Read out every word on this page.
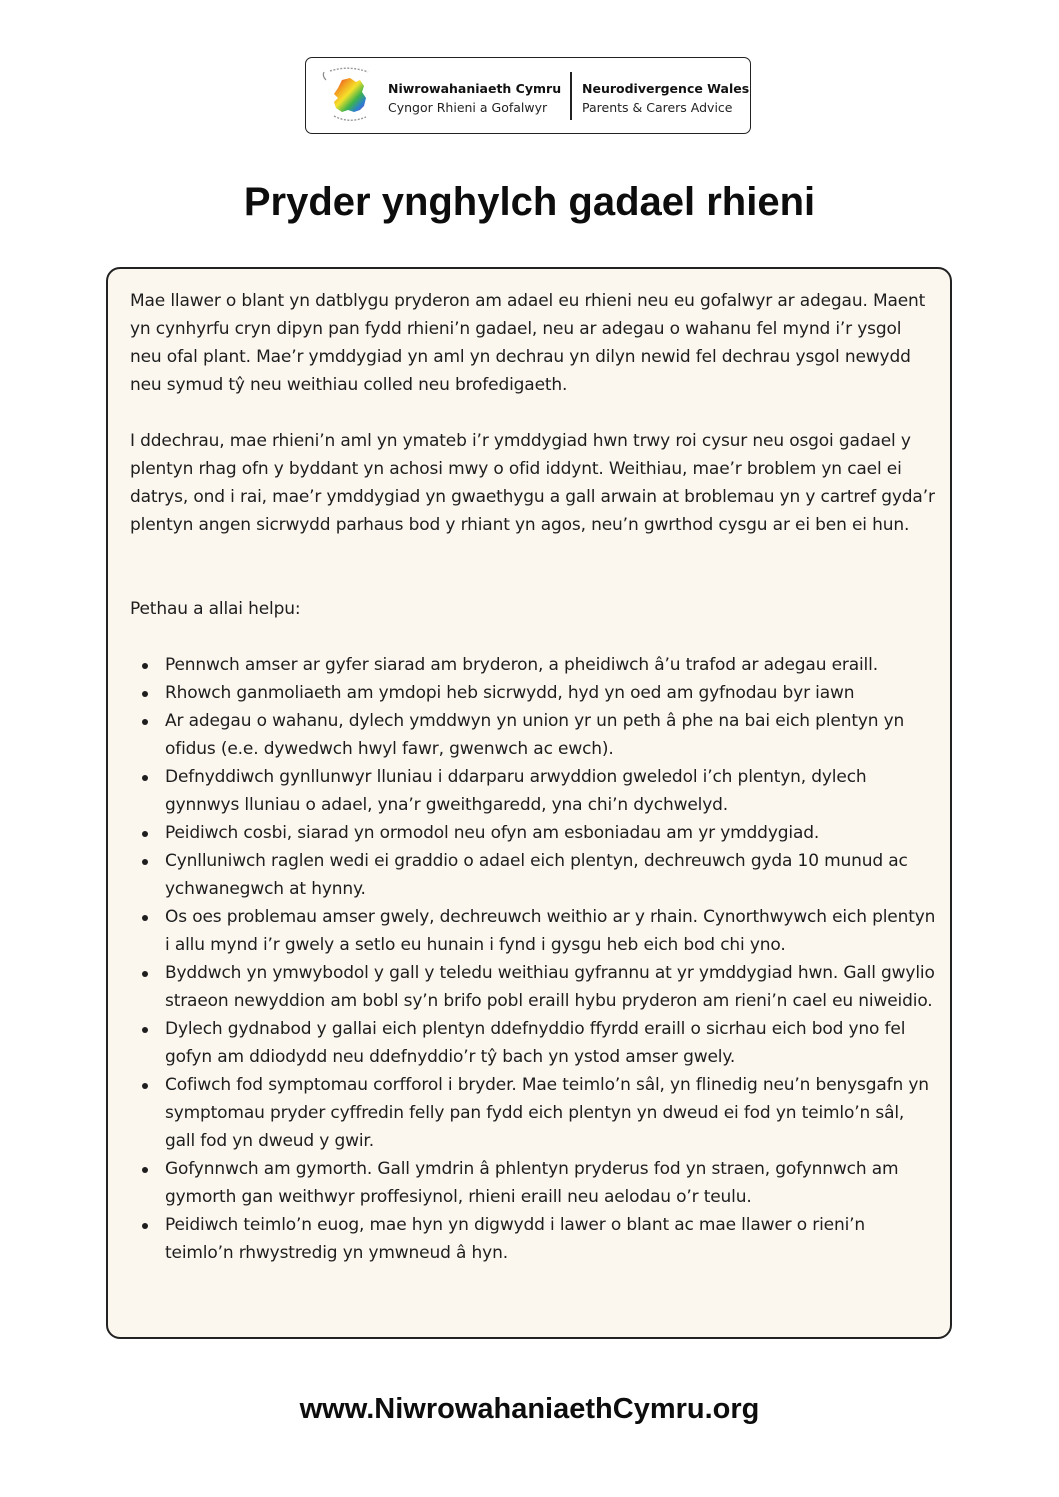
Niwrowahaniaeth Cymru
Cyngor Rhieni a Gofalwyr
Neurodivergence Wales
Parents & Carers Advice
Pryder ynghylch gadael rhieni

Mae llawer o blant yn datblygu pryderon am adael eu rhieni neu eu gofalwyr ar adegau. Maent yn cynhyrfu cryn dipyn pan fydd rhieni’n gadael, neu ar adegau o wahanu fel mynd i’r ysgol neu ofal plant. Mae’r ymddygiad yn aml yn dechrau yn dilyn newid fel dechrau ysgol newydd neu symud tŷ neu weithiau colled neu brofedigaeth.

I ddechrau, mae rhieni’n aml yn ymateb i’r ymddygiad hwn trwy roi cysur neu osgoi gadael y plentyn rhag ofn y byddant yn achosi mwy o ofid iddynt. Weithiau, mae’r broblem yn cael ei datrys, ond i rai, mae’r ymddygiad yn gwaethygu a gall arwain at broblemau yn y cartref gyda’r plentyn angen sicrwydd parhaus bod y rhiant yn agos, neu’n gwrthod cysgu ar ei ben ei hun.

Pethau a allai helpu:

Pennwch amser ar gyfer siarad am bryderon, a pheidiwch â’u trafod ar adegau eraill.
Rhowch ganmoliaeth am ymdopi heb sicrwydd, hyd yn oed am gyfnodau byr iawn
Ar adegau o wahanu, dylech ymddwyn yn union yr un peth â phe na bai eich plentyn yn ofidus (e.e. dywedwch hwyl fawr, gwenwch ac ewch).
Defnyddiwch gynllunwyr lluniau i ddarparu arwyddion gweledol i’ch plentyn, dylech gynnwys lluniau o adael, yna’r gweithgaredd, yna chi’n dychwelyd.
Peidiwch cosbi, siarad yn ormodol neu ofyn am esboniadau am yr ymddygiad.
Cynlluniwch raglen wedi ei graddio o adael eich plentyn, dechreuwch gyda 10 munud ac ychwanegwch at hynny.
Os oes problemau amser gwely, dechreuwch weithio ar y rhain. Cynorthwywch eich plentyn i allu mynd i’r gwely a setlo eu hunain i fynd i gysgu heb eich bod chi yno.
Byddwch yn ymwybodol y gall y teledu weithiau gyfrannu at yr ymddygiad hwn. Gall gwylio straeon newyddion am bobl sy’n brifo pobl eraill hybu pryderon am rieni’n cael eu niweidio.
Dylech gydnabod y gallai eich plentyn ddefnyddio ffyrdd eraill o sicrhau eich bod yno fel gofyn am ddiodydd neu ddefnyddio’r tŷ bach yn ystod amser gwely.
Cofiwch fod symptomau corfforol i bryder. Mae teimlo’n sâl, yn flinedig neu’n benysgafn yn symptomau pryder cyffredin felly pan fydd eich plentyn yn dweud ei fod yn teimlo’n sâl, gall fod yn dweud y gwir.
Gofynnwch am gymorth. Gall ymdrin â phlentyn pryderus fod yn straen, gofynnwch am gymorth gan weithwyr proffesiynol, rhieni eraill neu aelodau o’r teulu.
Peidiwch teimlo’n euog, mae hyn yn digwydd i lawer o blant ac mae llawer o rieni’n teimlo’n rhwystredig yn ymwneud â hyn.
www.NiwrowahaniaethCymru.org
